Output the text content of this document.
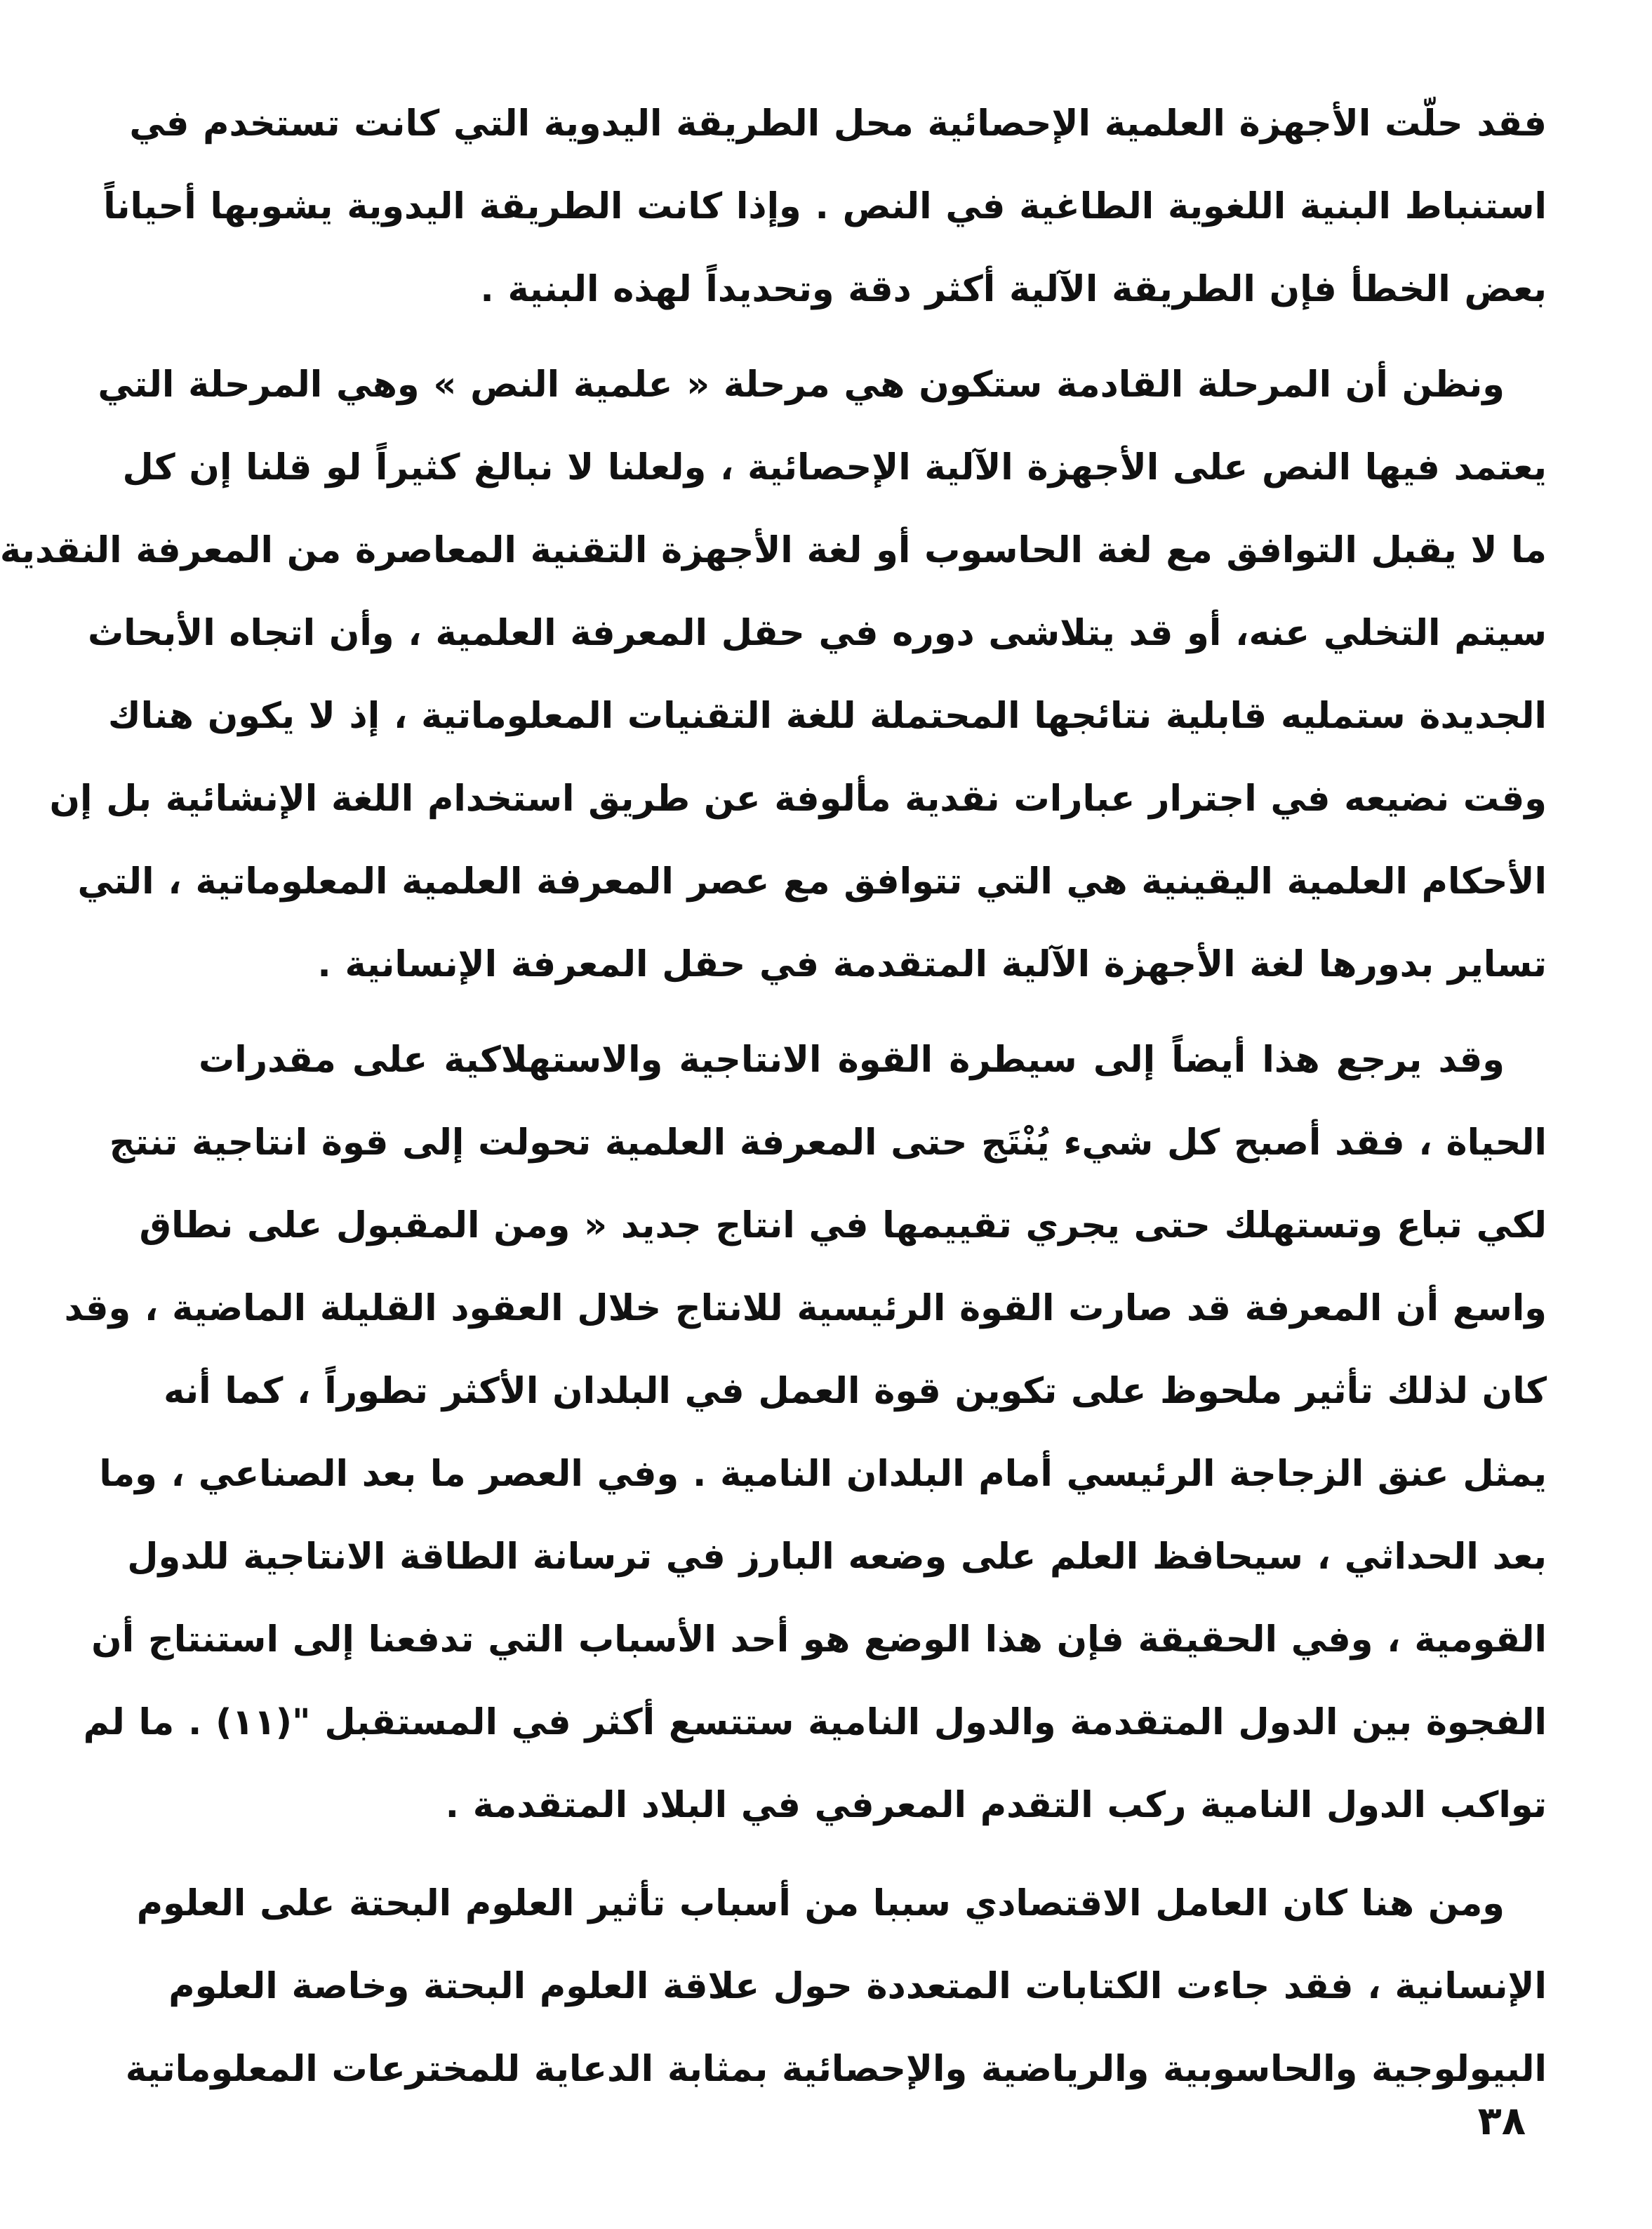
فقد حلّت الأجهزة العلمية الإحصائية محل الطريقة اليدوية التي كانت تستخدم في
استنباط البنية اللغوية الطاغية في النص . وإذا كانت الطريقة اليدوية يشوبها أحياناً
بعض الخطأ فإن الطريقة الآلية أكثر دقة وتحديداً لهذه البنية .
ونظن أن المرحلة القادمة ستكون هي مرحلة « علمية النص » وهي المرحلة التي
يعتمد فيها النص على الأجهزة الآلية الإحصائية ، ولعلنا لا نبالغ كثيراً لو قلنا إن كل
ما لا يقبل التوافق مع لغة الحاسوب أو لغة الأجهزة التقنية المعاصرة من المعرفة النقدية
سيتم التخلي عنه، أو قد يتلاشى دوره في حقل المعرفة العلمية ، وأن اتجاه الأبحاث
الجديدة ستمليه قابلية نتائجها المحتملة للغة التقنيات المعلوماتية ، إذ لا يكون هناك
وقت نضيعه في اجترار عبارات نقدية مألوفة عن طريق استخدام اللغة الإنشائية بل إن
الأحكام العلمية اليقينية هي التي تتوافق مع عصر المعرفة العلمية المعلوماتية ، التي
تساير بدورها لغة الأجهزة الآلية المتقدمة في حقل المعرفة الإنسانية .
وقد يرجع هذا أيضاً إلى سيطرة القوة الانتاجية والاستهلاكية على مقدرات
الحياة ، فقد أصبح كل شيء يُنْتَج حتى المعرفة العلمية تحولت إلى قوة انتاجية تنتج
لكي تباع وتستهلك حتى يجري تقييمها في انتاج جديد « ومن المقبول على نطاق
واسع أن المعرفة قد صارت القوة الرئيسية للانتاج خلال العقود القليلة الماضية ، وقد
كان لذلك تأثير ملحوظ على تكوين قوة العمل في البلدان الأكثر تطوراً ، كما أنه
يمثل عنق الزجاجة الرئيسي أمام البلدان النامية . وفي العصر ما بعد الصناعي ، وما
بعد الحداثي ، سيحافظ العلم على وضعه البارز في ترسانة الطاقة الانتاجية للدول
القومية ، وفي الحقيقة فإن هذا الوضع هو أحد الأسباب التي تدفعنا إلى استنتاج أن
الفجوة بين الدول المتقدمة والدول النامية ستتسع أكثر في المستقبل "(١١) . ما لم
تواكب الدول النامية ركب التقدم المعرفي في البلاد المتقدمة .
ومن هنا كان العامل الاقتصادي سببا من أسباب تأثير العلوم البحتة على العلوم
الإنسانية ، فقد جاءت الكتابات المتعددة حول علاقة العلوم البحتة وخاصة العلوم
البيولوجية والحاسوبية والرياضية والإحصائية بمثابة الدعاية للمخترعات المعلوماتية
٣٨
